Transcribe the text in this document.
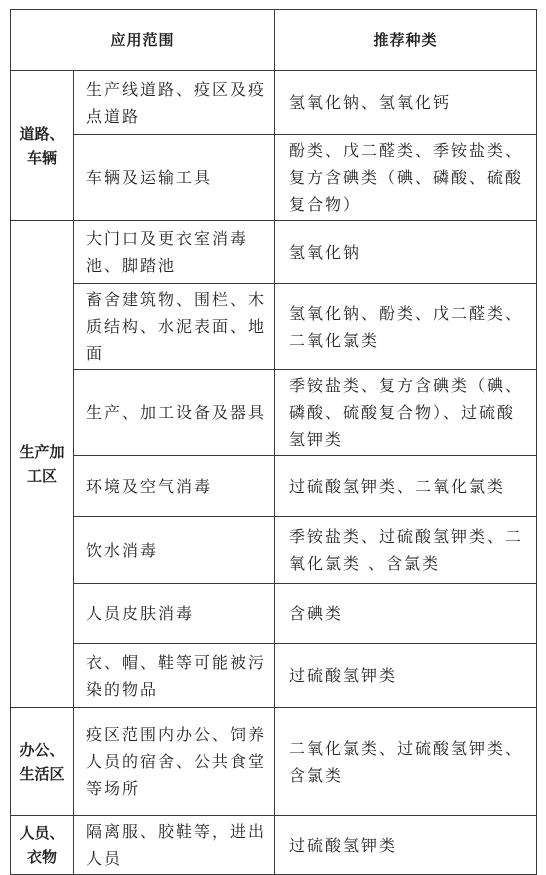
应用范围		推荐种类
道路、车辆	生产线道路、疫区及疫点道路	氢氧化钠、氢氧化钙
	车辆及运输工具	酚类、戊二醛类、季铵盐类、复方含碘类（碘、磷酸、硫酸复合物）
生产加工区	大门口及更衣室消毒池、脚踏池	氢氧化钠
	畜舍建筑物、围栏、木质结构、水泥表面、地面	氢氧化钠、酚类、戊二醛类、二氧化氯类
	生产、加工设备及器具	季铵盐类、复方含碘类（碘、磷酸、硫酸复合物）、过硫酸氢钾类
	环境及空气消毒	过硫酸氢钾类、二氧化氯类
	饮水消毒	季铵盐类、过硫酸氢钾类、二氧化氯类 、含氯类
	人员皮肤消毒	含碘类
	衣、帽、鞋等可能被污染的物品	过硫酸氢钾类
办公、生活区	疫区范围内办公、饲养人员的宿舍、公共食堂等场所	二氧化氯类、过硫酸氢钾类、含氯类
人员、衣物	隔离服、胶鞋等，进出人员	过硫酸氢钾类
